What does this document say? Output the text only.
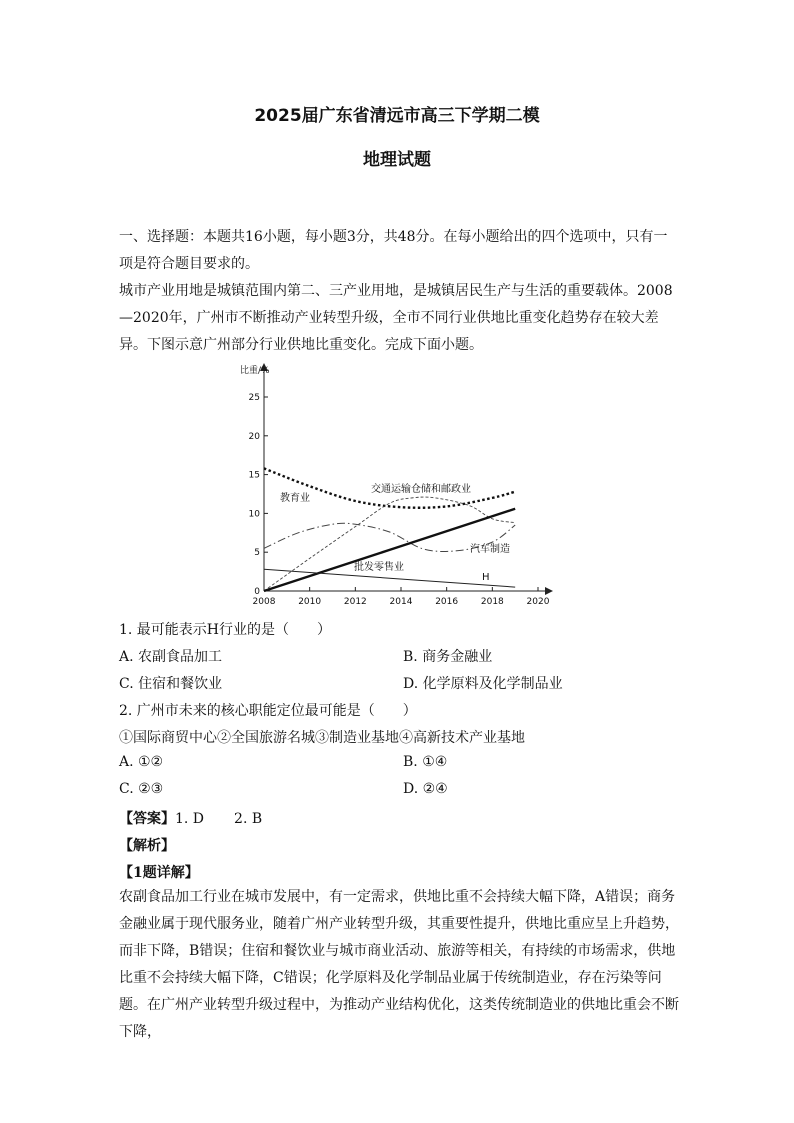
2025届广东省清远市高三下学期二模
地理试题

一、选择题：本题共16小题，每小题3分，共48分。在每小题给出的四个选项中，只有一项是符合题目要求的。

城市产业用地是城镇范围内第二、三产业用地，是城镇居民生产与生活的重要载体。2008—2020年，广州市不断推动产业转型升级，全市不同行业供地比重变化趋势存在较大差异。下图示意广州部分行业供地比重变化。完成下面小题。

比重/%
0
5
10
15
20
25
2008	2010	2012	2014	2016	2018	2020
交通运输仓储和邮政业
教育业
汽车制造
批发零售业
H
1. 最可能表示H行业的是（　　）
A. 农副食品加工	B. 商务金融业
C. 住宿和餐饮业	D. 化学原料及化学制品业
2. 广州市未来的核心职能定位最可能是（　　）
①国际商贸中心②全国旅游名城③制造业基地④高新技术产业基地
A. ①②	B. ①④
C. ②③	D. ②④
【答案】1. D 2. B
【解析】
【1题详解】

农副食品加工行业在城市发展中，有一定需求，供地比重不会持续大幅下降，A错误；商务金融业属于现代服务业，随着广州产业转型升级，其重要性提升，供地比重应呈上升趋势，而非下降，B错误；住宿和餐饮业与城市商业活动、旅游等相关，有持续的市场需求，供地比重不会持续大幅下降，C错误；化学原料及化学制品业属于传统制造业，存在污染等问题。在广州产业转型升级过程中，为推动产业结构优化，这类传统制造业的供地比重会不断下降，
